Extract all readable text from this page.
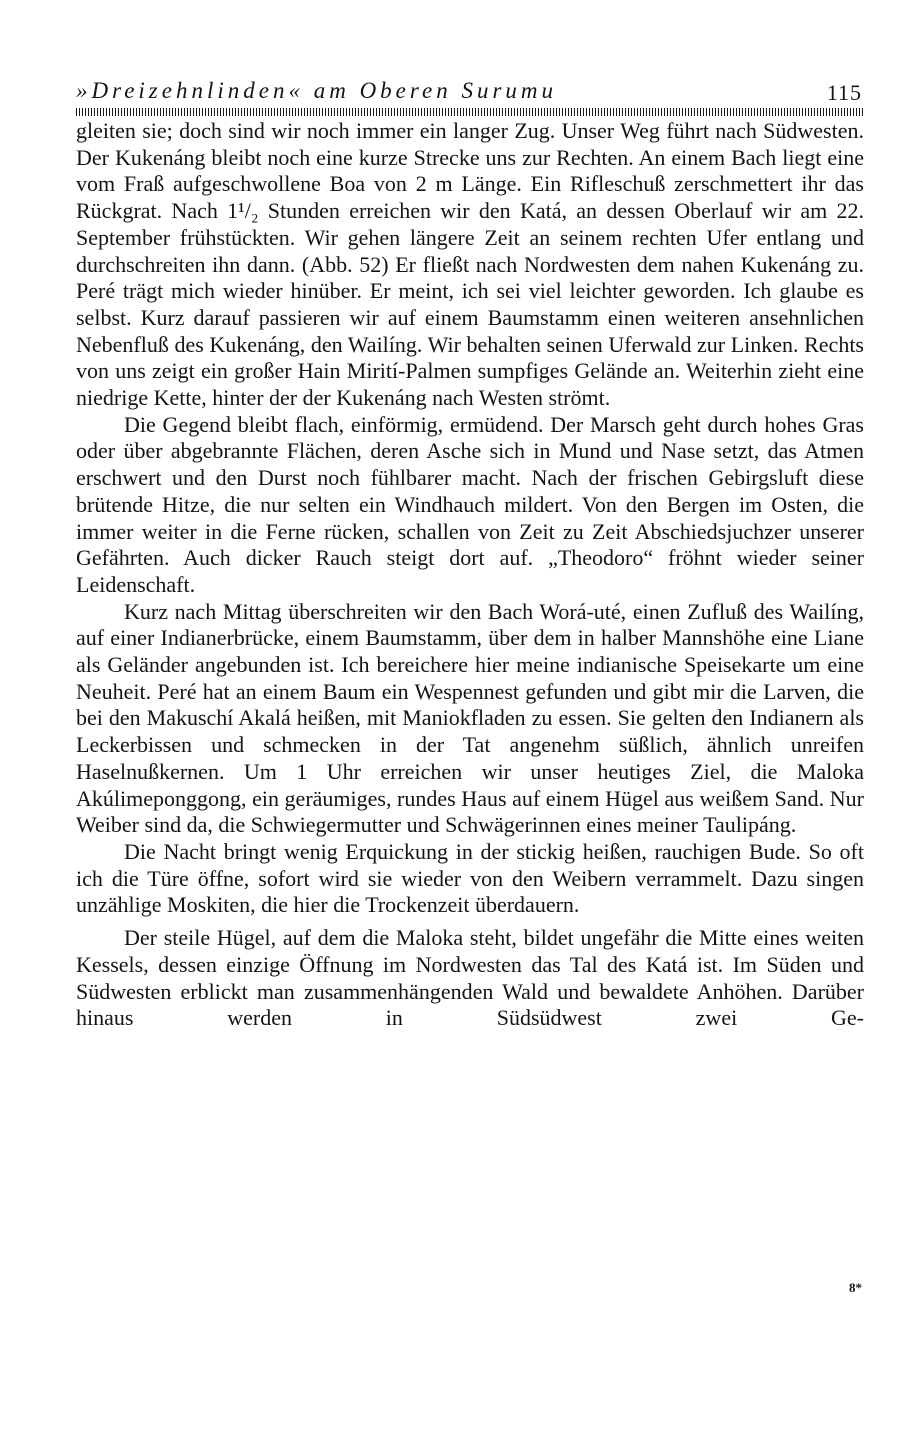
»Dreizehnlinden« am Oberen Surumu	115

gleiten sie; doch sind wir noch immer ein langer Zug. Unser Weg führt nach Südwesten. Der Kukenáng bleibt noch eine kurze Strecke uns zur Rechten. An einem Bach liegt eine vom Fraß aufgeschwollene Boa von 2 m Länge. Ein Rifleschuß zerschmettert ihr das Rückgrat. Nach 1¹/₂ Stunden erreichen wir den Katá, an dessen Oberlauf wir am 22. September frühstückten. Wir gehen längere Zeit an seinem rechten Ufer entlang und durchschreiten ihn dann. (Abb. 52) Er fließt nach Nordwesten dem nahen Kukenáng zu. Peré trägt mich wieder hinüber. Er meint, ich sei viel leichter geworden. Ich glaube es selbst. Kurz darauf passieren wir auf einem Baumstamm einen weiteren ansehnlichen Nebenfluß des Kukenáng, den Wailíng. Wir behalten seinen Uferwald zur Linken. Rechts von uns zeigt ein großer Hain Mirití-Palmen sumpfiges Gelände an. Weiterhin zieht eine niedrige Kette, hinter der der Kukenáng nach Westen strömt.

Die Gegend bleibt flach, einförmig, ermüdend. Der Marsch geht durch hohes Gras oder über abgebrannte Flächen, deren Asche sich in Mund und Nase setzt, das Atmen erschwert und den Durst noch fühlbarer macht. Nach der frischen Gebirgsluft diese brütende Hitze, die nur selten ein Windhauch mildert. Von den Bergen im Osten, die immer weiter in die Ferne rücken, schallen von Zeit zu Zeit Abschiedsjuchzer unserer Gefährten. Auch dicker Rauch steigt dort auf. „Theodoro“ fröhnt wieder seiner Leidenschaft.

Kurz nach Mittag überschreiten wir den Bach Worá-uté, einen Zufluß des Wailíng, auf einer Indianerbrücke, einem Baumstamm, über dem in halber Mannshöhe eine Liane als Geländer angebunden ist. Ich bereichere hier meine indianische Speisekarte um eine Neuheit. Peré hat an einem Baum ein Wespennest gefunden und gibt mir die Larven, die bei den Makuschí Akalá heißen, mit Maniokfladen zu essen. Sie gelten den Indianern als Leckerbissen und schmecken in der Tat angenehm süßlich, ähnlich unreifen Haselnußkernen. Um 1 Uhr erreichen wir unser heutiges Ziel, die Maloka Akúlimeponggong, ein geräumiges, rundes Haus auf einem Hügel aus weißem Sand. Nur Weiber sind da, die Schwiegermutter und Schwägerinnen eines meiner Taulipáng.

Die Nacht bringt wenig Erquickung in der stickig heißen, rauchigen Bude. So oft ich die Türe öffne, sofort wird sie wieder von den Weibern verrammelt. Dazu singen unzählige Moskiten, die hier die Trockenzeit überdauern.

Der steile Hügel, auf dem die Maloka steht, bildet ungefähr die Mitte eines weiten Kessels, dessen einzige Öffnung im Nordwesten das Tal des Katá ist. Im Süden und Südwesten erblickt man zusammenhängenden Wald und bewaldete Anhöhen. Darüber hinaus werden in Südsüdwest zwei Ge-

8*
